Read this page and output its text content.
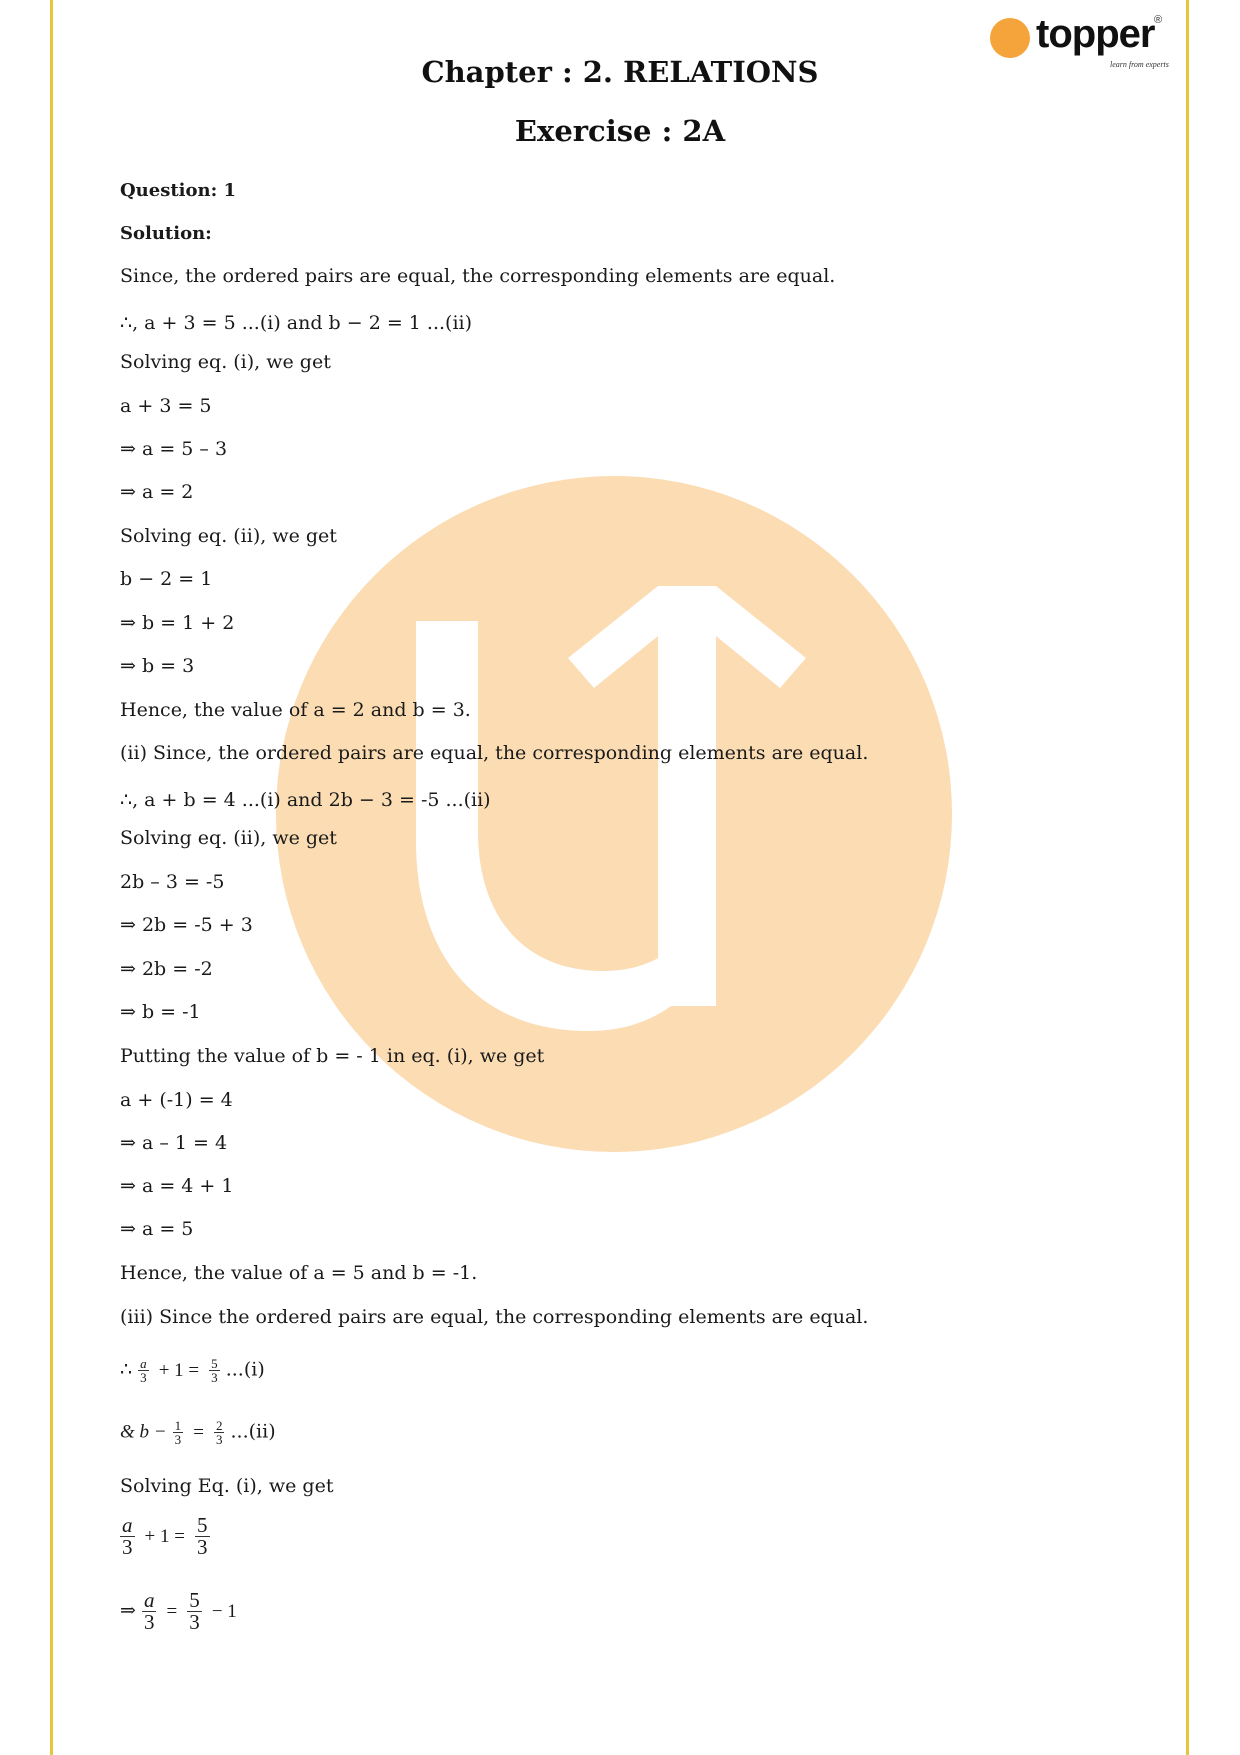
topper ®
learn from experts
Chapter : 2. RELATIONS
Exercise : 2A
Question: 1
Solution:
Since, the ordered pairs are equal, the corresponding elements are equal.
∴, a + 3 = 5 ...(i) and b − 2 = 1 ...(ii)
Solving eq. (i), we get
a + 3 = 5
⇒ a = 5 – 3
⇒ a = 2
Solving eq. (ii), we get
b − 2 = 1
⇒ b = 1 + 2
⇒ b = 3
Hence, the value of a = 2 and b = 3.
(ii) Since, the ordered pairs are equal, the corresponding elements are equal.
∴, a + b = 4 ...(i) and 2b − 3 = -5 ...(ii)
Solving eq. (ii), we get
2b – 3 = -5
⇒ 2b = -5 + 3
⇒ 2b = -2
⇒ b = -1
Putting the value of b = - 1 in eq. (i), we get
a + (-1) = 4
⇒ a – 1 = 4
⇒ a = 4 + 1
⇒ a = 5
Hence, the value of a = 5 and b = -1.
(iii) Since the ordered pairs are equal, the corresponding elements are equal.
∴ $\frac{a}{3} + 1 = \frac{5}{3} ...(i)$
& $b - \frac{1}{3} = \frac{2}{3} ...(ii)$
Solving Eq. (i), we get
$\frac{a}{3} + 1 = \frac{5}{3}$
⇒ $\frac{a}{3} = \frac{5}{3} - 1$
